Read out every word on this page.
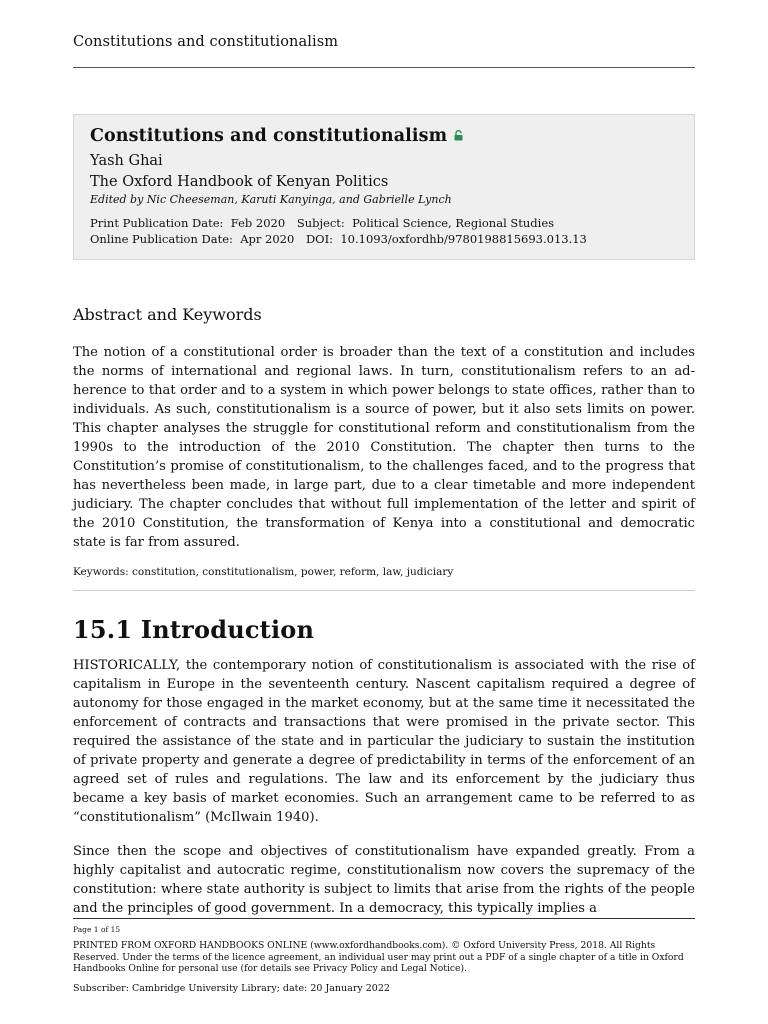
Constitutions and constitutionalism
Constitutions and constitutionalism
Yash Ghai
The Oxford Handbook of Kenyan Politics
Edited by Nic Cheeseman, Karuti Kanyinga, and Gabrielle Lynch
Print Publication Date: Feb 2020 Subject: Political Science, Regional Studies
Online Publication Date: Apr 2020 DOI: 10.1093/oxfordhb/9780198815693.013.13
Abstract and Keywords
The notion of a constitutional order is broader than the text of a constitution and includes the norms of international and regional laws. In turn, constitutionalism refers to an adherence to that order and to a system in which power belongs to state offices, rather than to individuals. As such, constitutionalism is a source of power, but it also sets limits on power. This chapter analyses the struggle for constitutional reform and constitutionalism from the 1990s to the introduction of the 2010 Constitution. The chapter then turns to the Constitution’s promise of constitutionalism, to the challenges faced, and to the progress that has nevertheless been made, in large part, due to a clear timetable and more independent judiciary. The chapter concludes that without full implementation of the letter and spirit of the 2010 Constitution, the transformation of Kenya into a constitutional and democratic state is far from assured.
Keywords: constitution, constitutionalism, power, reform, law, judiciary
15.1 Introduction
HISTORICALLY, the contemporary notion of constitutionalism is associated with the rise of capitalism in Europe in the seventeenth century. Nascent capitalism required a degree of autonomy for those engaged in the market economy, but at the same time it necessitated the enforcement of contracts and transactions that were promised in the private sector. This required the assistance of the state and in particular the judiciary to sustain the institution of private property and generate a degree of predictability in terms of the enforcement of an agreed set of rules and regulations. The law and its enforcement by the judiciary thus became a key basis of market economies. Such an arrangement came to be referred to as “constitutionalism” (McIlwain 1940).
Since then the scope and objectives of constitutionalism have expanded greatly. From a highly capitalist and autocratic regime, constitutionalism now covers the supremacy of the constitution: where state authority is subject to limits that arise from the rights of the people and the principles of good government. In a democracy, this typically implies a
Page 1 of 15
PRINTED FROM OXFORD HANDBOOKS ONLINE (www.oxfordhandbooks.com). © Oxford University Press, 2018. All Rights Reserved. Under the terms of the licence agreement, an individual user may print out a PDF of a single chapter of a title in Oxford Handbooks Online for personal use (for details see Privacy Policy and Legal Notice).
Subscriber: Cambridge University Library; date: 20 January 2022
